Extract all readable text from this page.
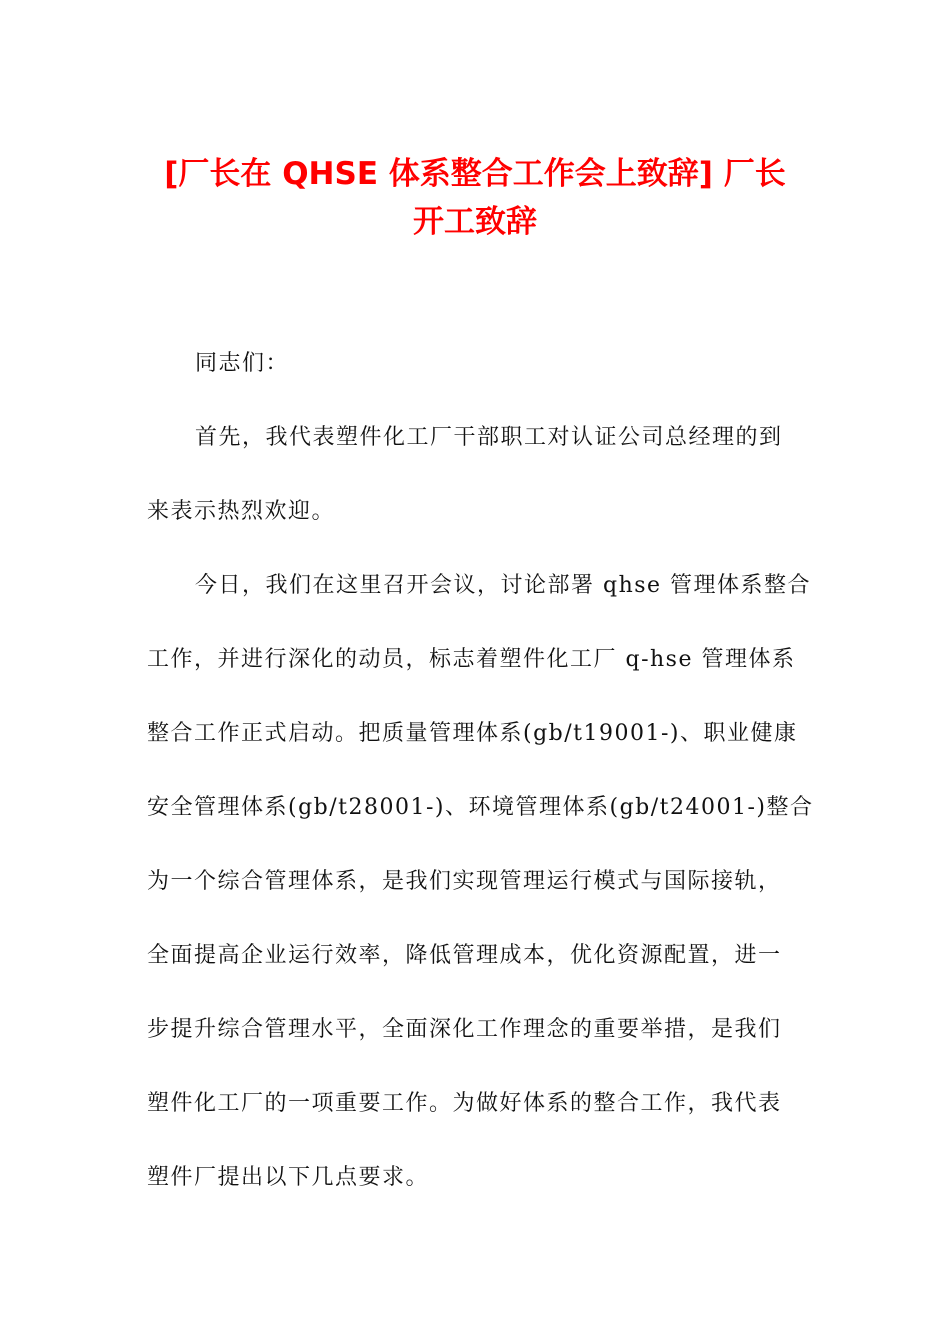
[厂长在 QHSE 体系整合工作会上致辞] 厂长
开工致辞
同志们：
首先，我代表塑件化工厂干部职工对认证公司总经理的到
来表示热烈欢迎。
今日，我们在这里召开会议，讨论部署 qhse 管理体系整合
工作，并进行深化的动员，标志着塑件化工厂 q-hse 管理体系
整合工作正式启动。把质量管理体系(gb/t19001-)、职业健康
安全管理体系(gb/t28001-)、环境管理体系(gb/t24001-)整合
为一个综合管理体系，是我们实现管理运行模式与国际接轨，
全面提高企业运行效率，降低管理成本，优化资源配置，进一
步提升综合管理水平，全面深化工作理念的重要举措，是我们
塑件化工厂的一项重要工作。为做好体系的整合工作，我代表
塑件厂提出以下几点要求。
